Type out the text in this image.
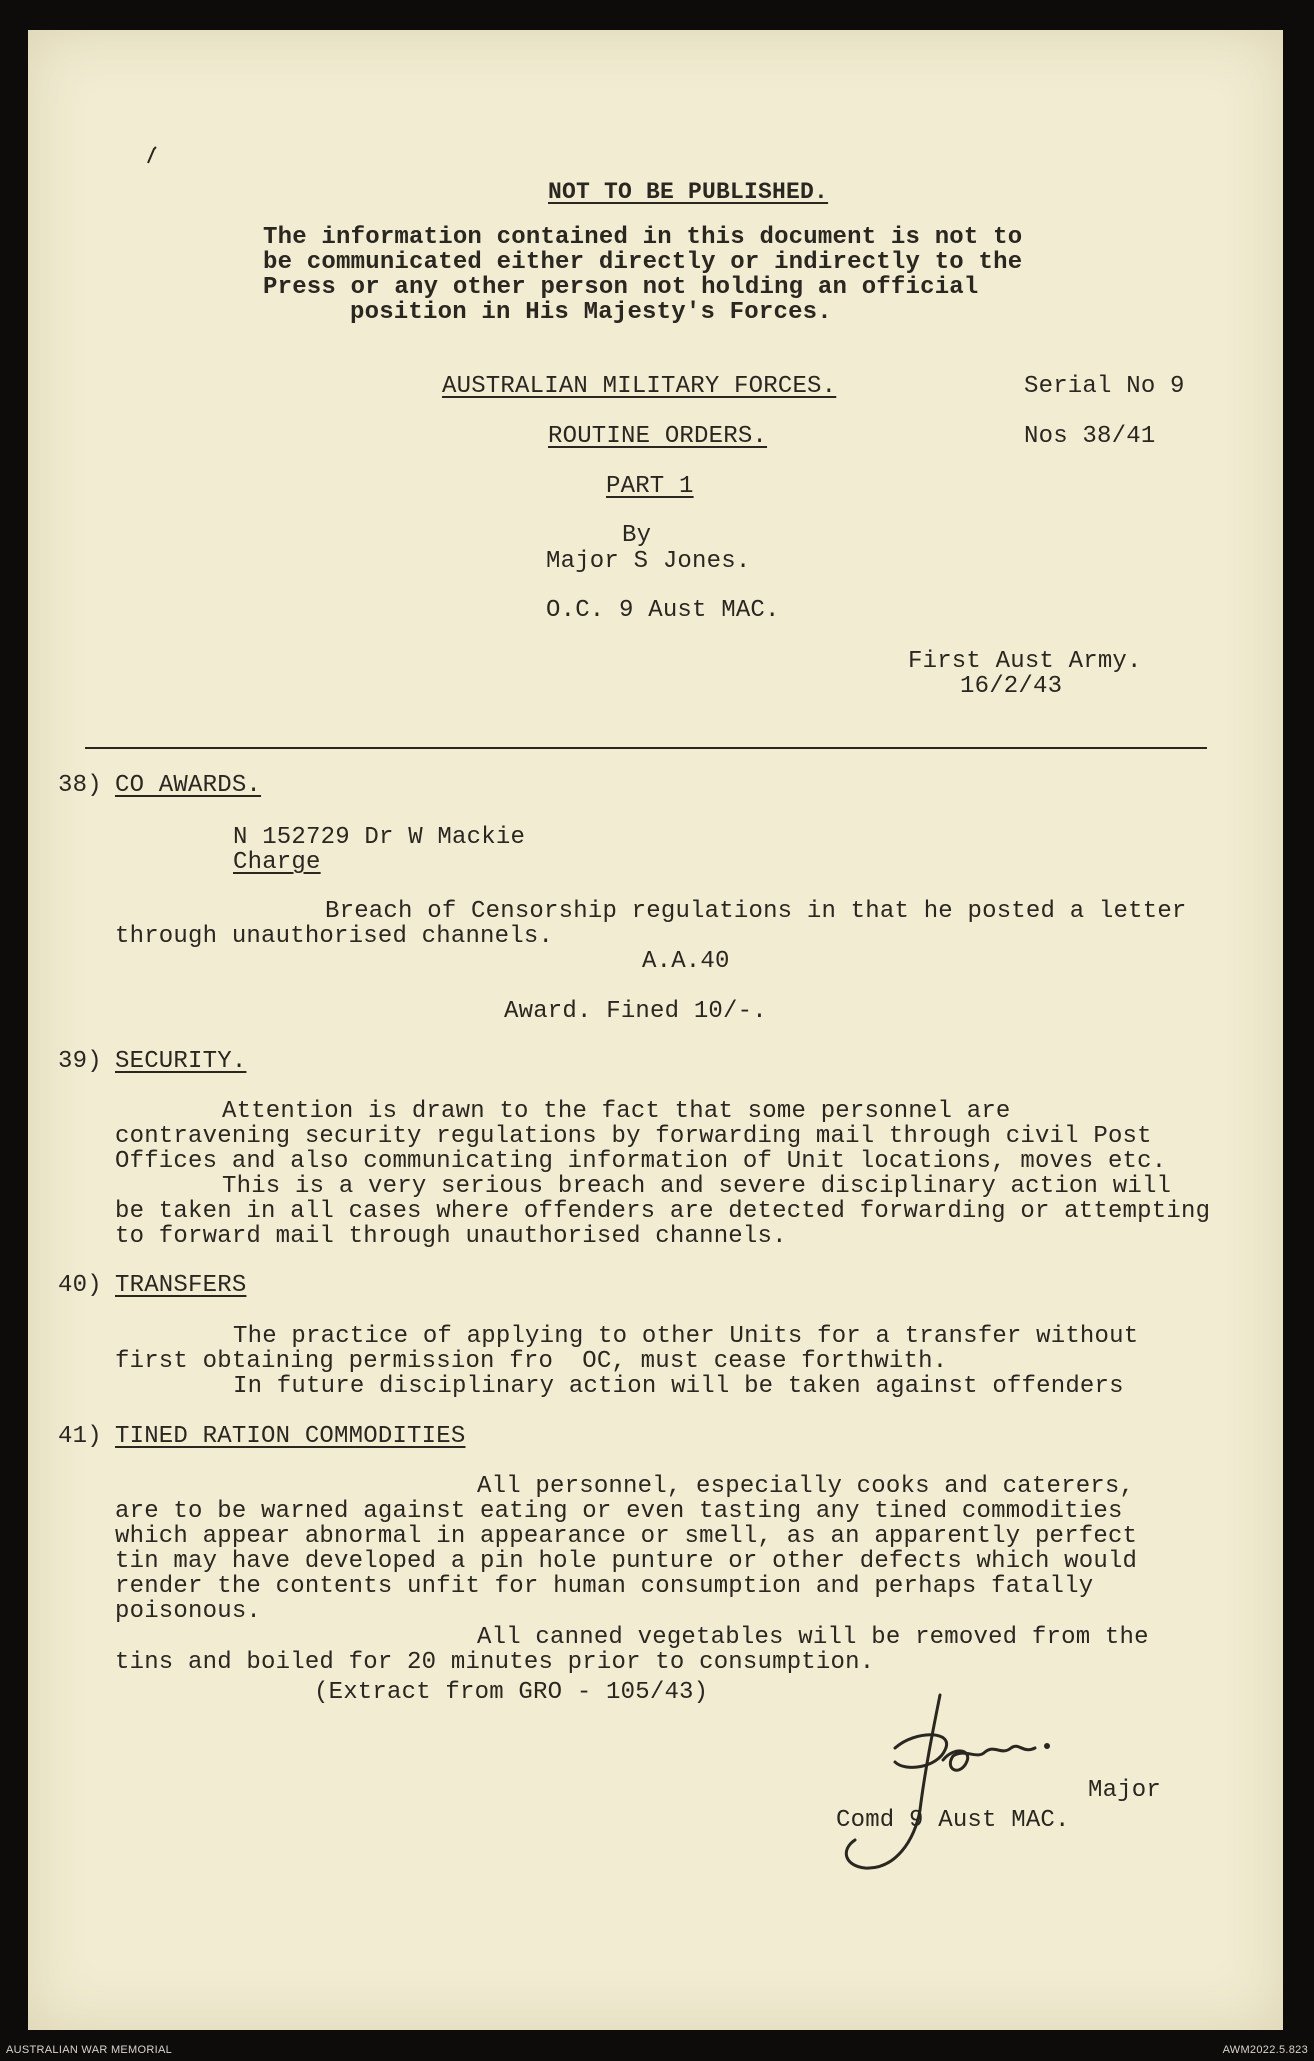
NOT TO BE PUBLISHED.
The information contained in this document is not to
be communicated either directly or indirectly to the
Press or any other person not holding an official
position in His Majesty's Forces.
AUSTRALIAN MILITARY FORCES.	Serial No 9
ROUTINE ORDERS.	Nos 38/41
PART 1
By
Major S Jones.
O.C. 9 Aust MAC.
First Aust Army.
16/2/43
38) CO AWARDS.
N 152729 Dr W Mackie
Charge
Breach of Censorship regulations in that he posted a letter
through unauthorised channels.
A.A.40
Award. Fined 10/-.
39) SECURITY.
Attention is drawn to the fact that some personnel are
contravening security regulations by forwarding mail through civil Post
Offices and also communicating information of Unit locations, moves etc.
This is a very serious breach and severe disciplinary action will
be taken in all cases where offenders are detected forwarding or attempting
to forward mail through unauthorised channels.
40) TRANSFERS
The practice of applying to other Units for a transfer without
first obtaining permission fro  OC, must cease forthwith.
In future disciplinary action will be taken against offenders
41) TINED RATION COMMODITIES
All personnel, especially cooks and caterers,
are to be warned against eating or even tasting any tined commodities
which appear abnormal in appearance or smell, as an apparently perfect
tin may have developed a pin hole punture or other defects which would
render the contents unfit for human consumption and perhaps fatally
poisonous.
All canned vegetables will be removed from the
tins and boiled for 20 minutes prior to consumption.
(Extract from GRO - 105/43)
Major
Comd 9 Aust MAC.
AUSTRALIAN WAR MEMORIAL	AWM2022.5.823
